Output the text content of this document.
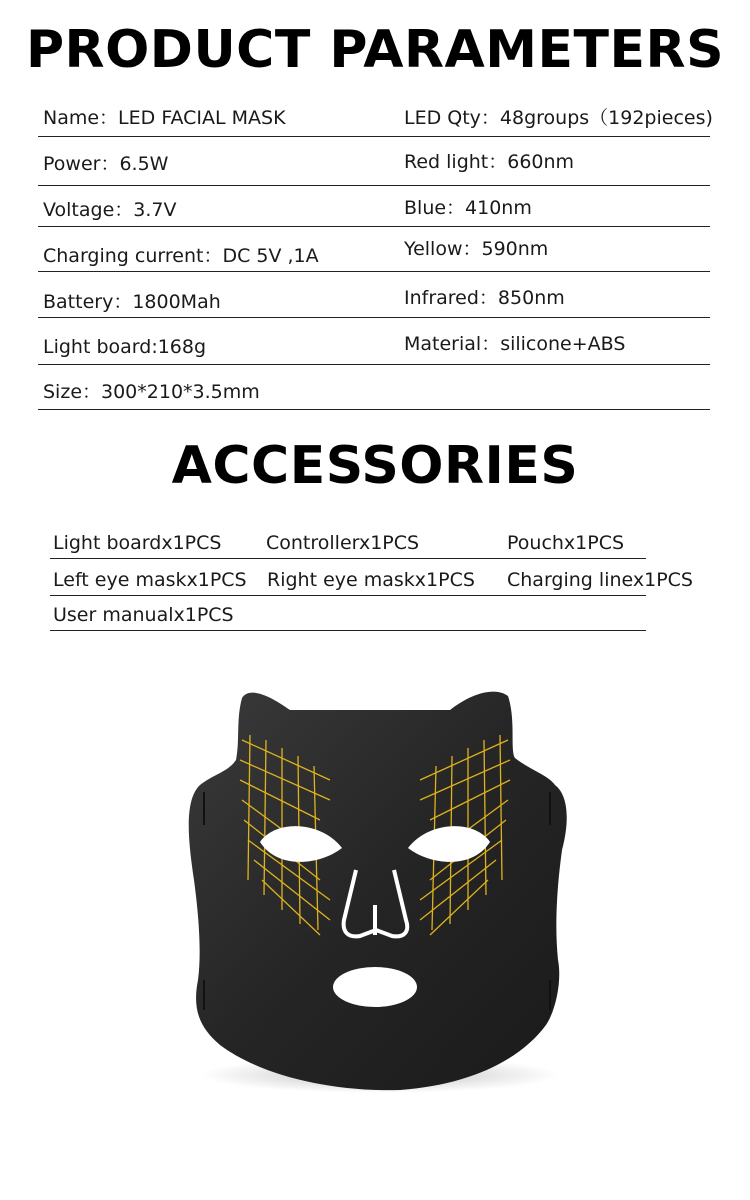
PRODUCT PARAMETERS
Name：LED FACIAL MASK	LED Qty：48groups（192pieces)
Power：6.5W	Red light：660nm
Voltage：3.7V	Blue：410nm
Charging current：DC 5V ,1A	Yellow：590nm
Battery：1800Mah	Infrared：850nm
Light board:168g	Material：silicone+ABS
Size：300*210*3.5mm
ACCESSORIES
Light boardx1PCS Controllerx1PCS	Pouchx1PCS
Left eye maskx1PCS Right eye maskx1PCS Charging linex1PCS
User manualx1PCS
